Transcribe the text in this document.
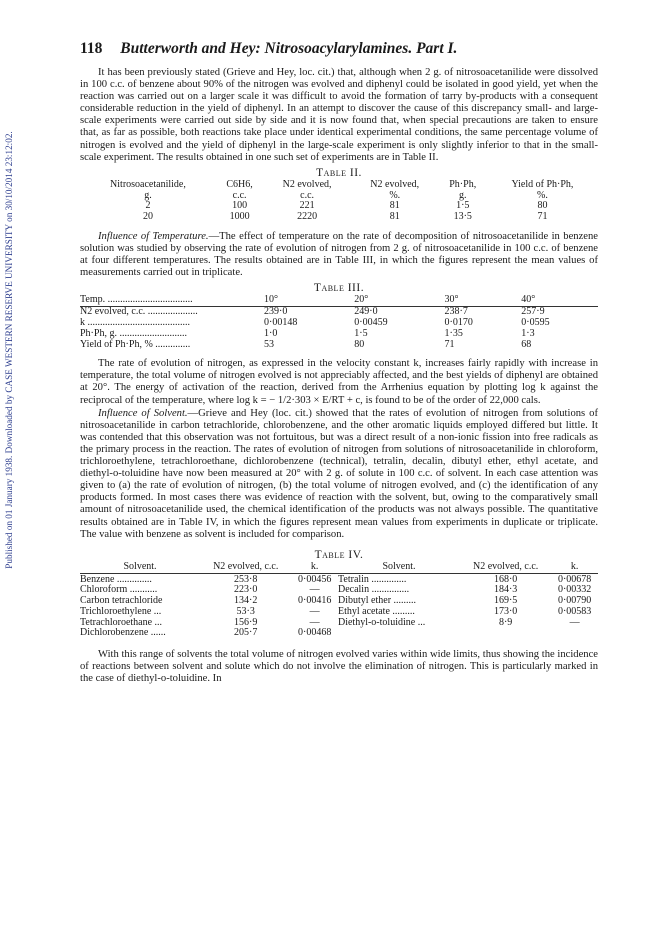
Published on 01 January 1938. Downloaded by CASE WESTERN RESERVE UNIVERSITY on 30/10/2014 23:12:02.
118 Butterworth and Hey: Nitrosoacylarylamines. Part I.

It has been previously stated (Grieve and Hey, loc. cit.) that, although when 2 g. of nitrosoacetanilide were dissolved in 100 c.c. of benzene about 90% of the nitrogen was evolved and diphenyl could be isolated in good yield, yet when the reaction was carried out on a larger scale it was difficult to avoid the formation of tarry by-products with a consequent considerable reduction in the yield of diphenyl. In an attempt to discover the cause of this discrepancy small- and large-scale experiments were carried out side by side and it is now found that, when special precautions are taken to ensure that, as far as possible, both reactions take place under identical experimental conditions, the same percentage volume of nitrogen is evolved and the yield of diphenyl in the large-scale experiment is only slightly inferior to that in the small-scale experiment. The results obtained in one such set of experiments are in Table II.

Table II.
Nitrosoacetanilide,	C6H6,	N2 evolved,	N2 evolved,	Ph·Ph,	Yield of Ph·Ph,
g.	c.c.	c.c.	%.	g.	%.
2	100	221	81	1·5	80
20	1000	2220	81	13·5	71

Influence of Temperature.—The effect of temperature on the rate of decomposition of nitrosoacetanilide in benzene solution was studied by observing the rate of evolution of nitrogen from 2 g. of nitrosoacetanilide in 100 c.c. of benzene at four different temperatures. The results obtained are in Table III, in which the figures represent the mean values of measurements carried out in triplicate.

Table III.
Temp. ..................................	10°	20°	30°	40°
N2 evolved, c.c. ....................	239·0	249·0	238·7	257·9
k .........................................	0·00148	0·00459	0·0170	0·0595
Ph·Ph, g. ...........................	1·0	1·5	1·35	1·3
Yield of Ph·Ph, % ..............	53	80	71	68

The rate of evolution of nitrogen, as expressed in the velocity constant k, increases fairly rapidly with increase in temperature, the total volume of nitrogen evolved is not appreciably affected, and the best yields of diphenyl are obtained at 20°. The energy of activation of the reaction, derived from the Arrhenius equation by plotting log k against the reciprocal of the temperature, where log k = − 1/2·303 × E/RT + c, is found to be of the order of 22,000 cals.

Influence of Solvent.—Grieve and Hey (loc. cit.) showed that the rates of evolution of nitrogen from solutions of nitrosoacetanilide in carbon tetrachloride, chlorobenzene, and the other aromatic liquids employed differed but little. It was contended that this observation was not fortuitous, but was a direct result of a non-ionic fission into free radicals as the primary process in the reaction. The rates of evolution of nitrogen from solutions of nitrosoacetanilide in chloroform, trichloroethylene, tetrachloroethane, dichlorobenzene (technical), tetralin, decalin, dibutyl ether, ethyl acetate, and diethyl-o-toluidine have now been measured at 20° with 2 g. of solute in 100 c.c. of solvent. In each case attention was given to (a) the rate of evolution of nitrogen, (b) the total volume of nitrogen evolved, and (c) the identification of any products formed. In most cases there was evidence of reaction with the solvent, but, owing to the comparatively small amount of nitrosoacetanilide used, the chemical identification of the products was not always possible. The quantitative results obtained are in Table IV, in which the figures represent mean values from experiments in duplicate or triplicate. The value with benzene as solvent is included for comparison.

Table IV.
Solvent.	N2 evolved, c.c.	k.	Solvent.	N2 evolved, c.c.	k.

Benzene ..............	253·8	0·00456	Tetralin ..............	168·0	0·00678
Chloroform ...........	223·0	—	Decalin ...............	184·3	0·00332
Carbon tetrachloride	134·2	0·00416	Dibutyl ether .........	169·5	0·00790
Trichloroethylene ...	53·3	—	Ethyl acetate .........	173·0	0·00583
Tetrachloroethane ...	156·9	—	Diethyl-o-toluidine ...	8·9	—
Dichlorobenzene ......	205·7	0·00468			

With this range of solvents the total volume of nitrogen evolved varies within wide limits, thus showing the incidence of reactions between solvent and solute which do not involve the elimination of nitrogen. This is particularly marked in the case of diethyl-o-toluidine. In
